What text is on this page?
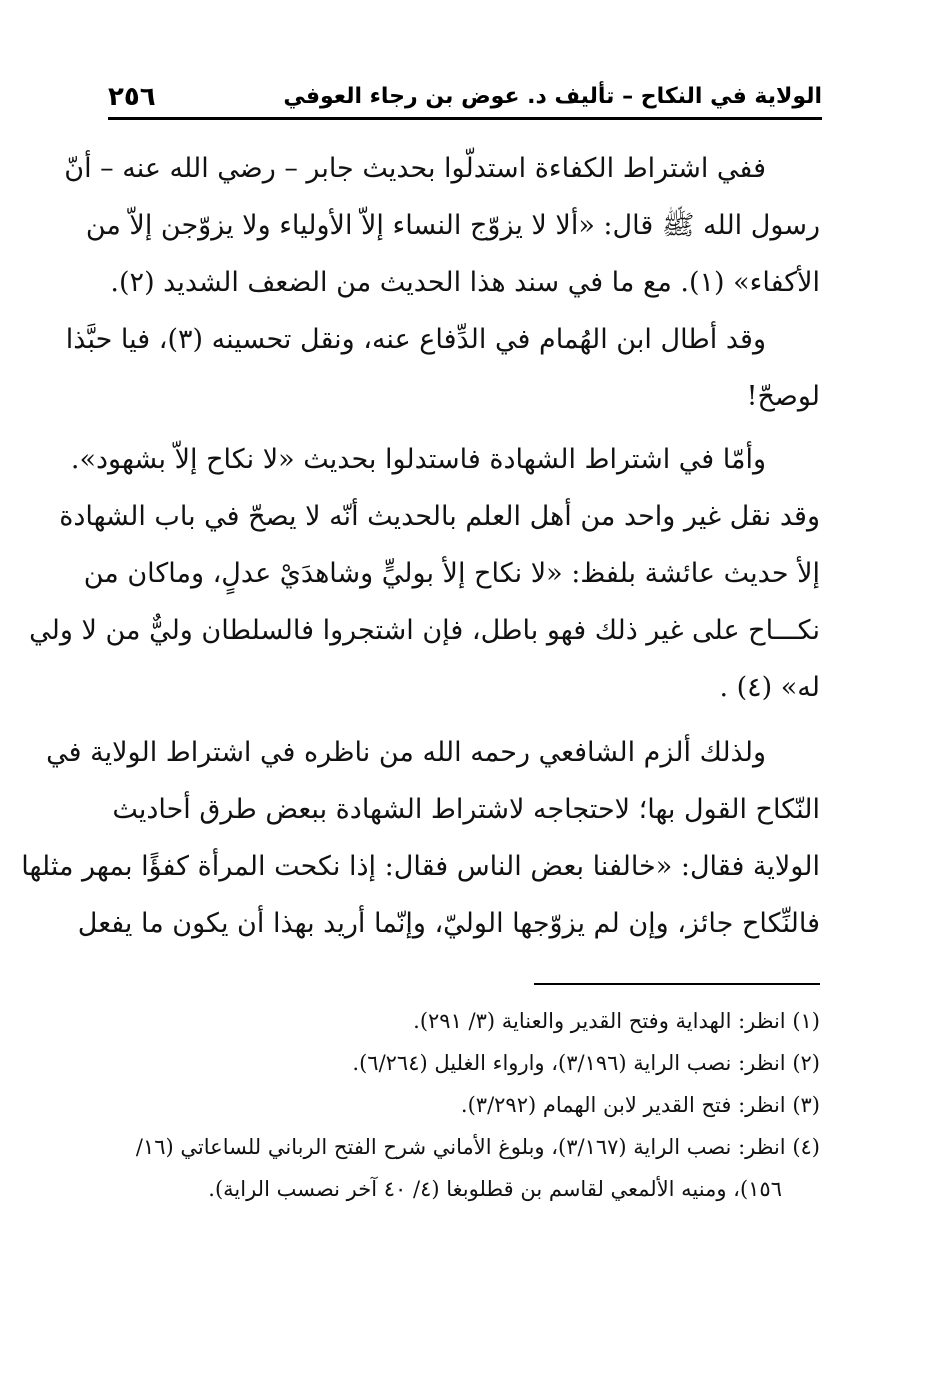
الولاية في النكاح – تأليف د. عوض بن رجاء العوفي
٢٥٦
ففي اشتراط الكفاءة استدلّوا بحديث جابر – رضي الله عنه – أنّ
رسول الله ﷺ قال: «ألا لا يزوّج النساء إلاّ الأولياء ولا يزوّجن إلاّ من
الأكفاء» (١). مع ما في سند هذا الحديث من الضعف الشديد (٢).
وقد أطال ابن الهُمام في الدِّفاع عنه، ونقل تحسينه (٣)، فيا حبَّذا
لوصحّ!
وأمّا في اشتراط الشهادة فاستدلوا بحديث «لا نكاح إلاّ بشهود».
وقد نقل غير واحد من أهل العلم بالحديث أنّه لا يصحّ في باب الشهادة
إلأ حديث عائشة بلفظ: «لا نكاح إلأ بوليٍّ وشاهدَيْ عدلٍ، وماكان من
نكـــاح على غير ذلك فهو باطل، فإن اشتجروا فالسلطان وليٌّ من لا ولي
له» (٤) .
ولذلك ألزم الشافعي رحمه الله من ناظره في اشتراط الولاية في
النّكاح القول بها؛ لاحتجاجه لاشتراط الشهادة ببعض طرق أحاديث
الولاية فقال: «خالفنا بعض الناس فقال: إذا نكحت المرأة كفؤًا بمهر مثلها
فالنِّكاح جائز، وإن لم يزوّجها الوليّ، وإنّما أريد بهذا أن يكون ما يفعل
(١) انظر: الهداية وفتح القدير والعناية (٣/ ٢٩١).
(٢) انظر: نصب الراية (٣/١٩٦)، وارواء الغليل (٦/٢٦٤).
(٣) انظر: فتح القدير لابن الهمام (٣/٢٩٢).
(٤) انظر: نصب الراية (٣/١٦٧)، وبلوغ الأماني شرح الفتح الرباني للساعاتي (١٦/
١٥٦)، ومنيه الألمعي لقاسم بن قطلوبغا (٤/ ٤٠ آخر نصسب الراية).
